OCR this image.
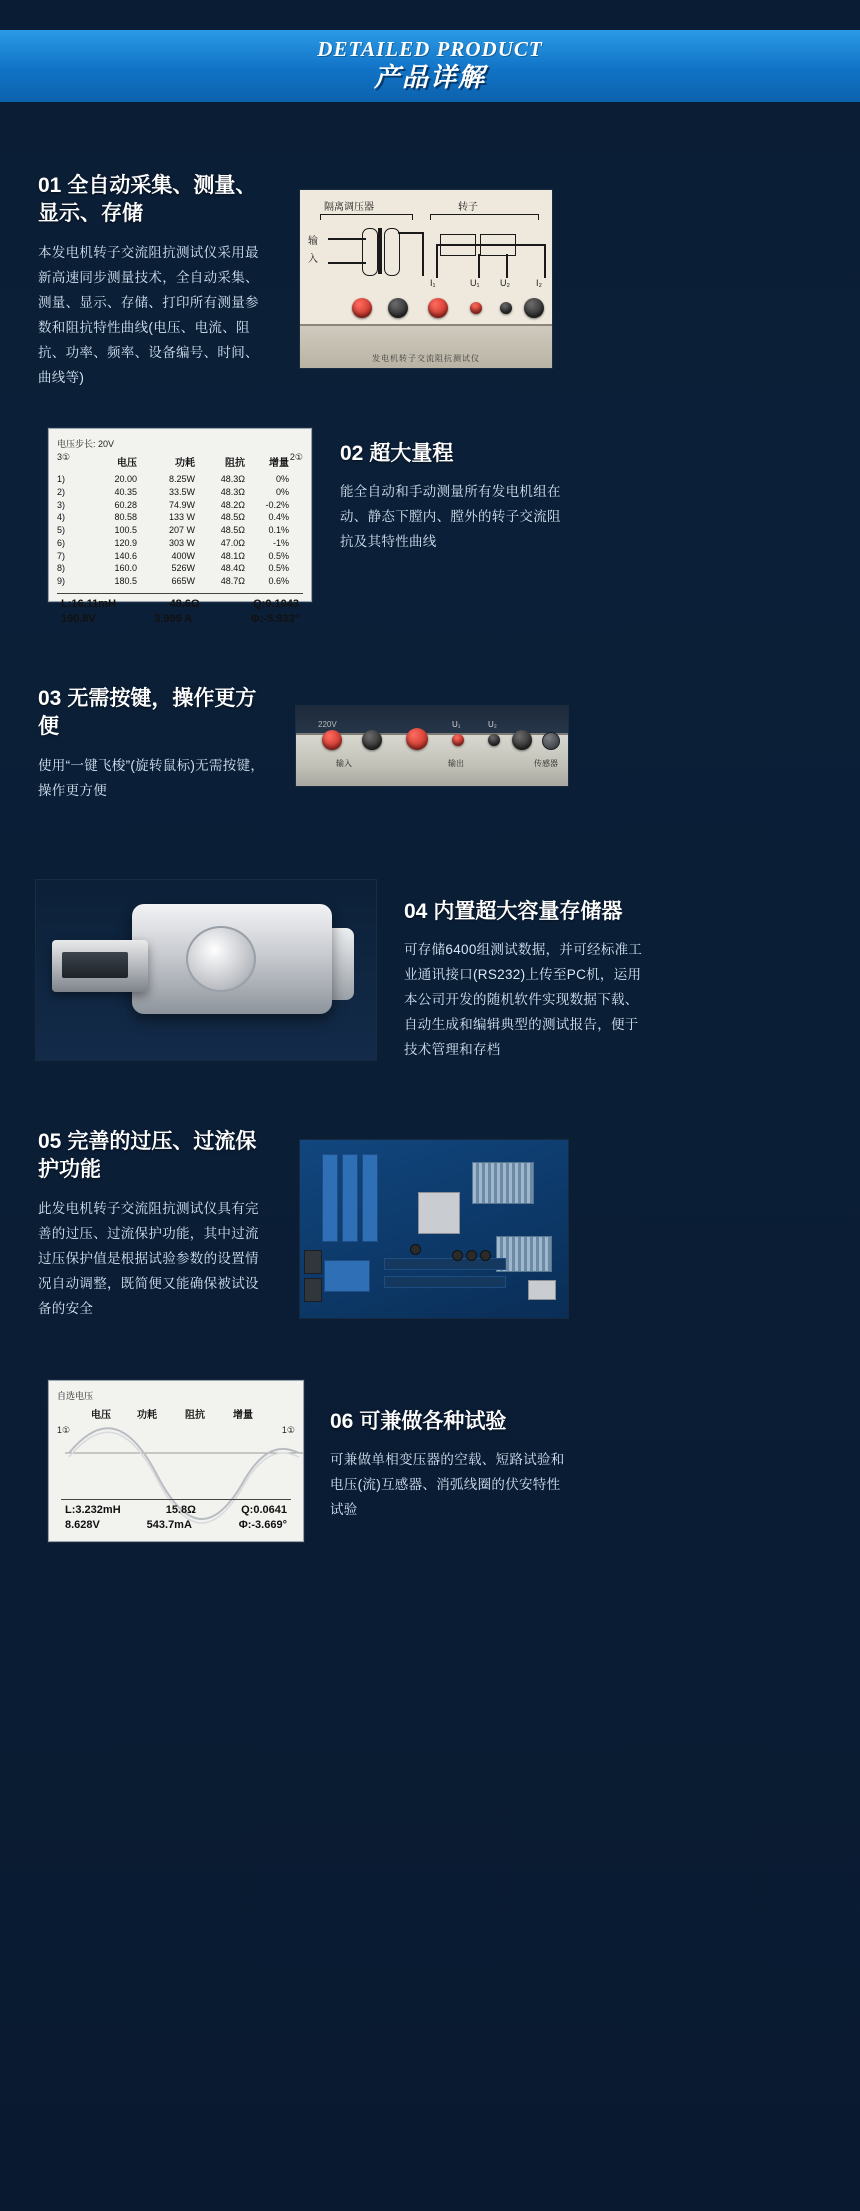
DETAILED PRODUCT
产品详解
01 全自动采集、测量、显示、存储

本发电机转子交流阻抗测试仪采用最新高速同步测量技术，全自动采集、测量、显示、存储、打印所有测量参数和阻抗特性曲线(电压、电流、阻抗、功率、频率、设备编号、时间、曲线等)

隔离调压器	转子
输
入
I₁	U₁ U₂	I₂
发电机转子交流阻抗测试仪
电压步长: 20V
3①	2①
电压	功耗	阻抗	增量
1)	20.00	8.25W	48.3Ω	0%
2)	40.35	33.5W	48.3Ω	0%
3)	60.28	74.9W	48.2Ω	-0.2%
4)	80.58	133 W	48.5Ω	0.4%
5)	100.5	207 W	48.5Ω	0.1%
6)	120.9	303 W	47.0Ω	-1%
7)	140.6	400W	48.1Ω	0.5%
8)	160.0	526W	48.4Ω	0.5%
9)	180.5	665W	48.7Ω	0.6%
L:16.11mH	48.6Ω	Q:0.1043
190.8V	3.999 A	Φ:-5.933°
02 超大量程

能全自动和手动测量所有发电机组在动、静态下膛内、膛外的转子交流阻抗及其特性曲线

03 无需按键，操作更方便

使用“一键飞梭”(旋转鼠标)无需按键，操作更方便

220V
输入
U₁	U₂
输出	传感器
04 内置超大容量存储器

可存储6400组测试数据，并可经标准工业通讯接口(RS232)上传至PC机，运用本公司开发的随机软件实现数据下载、自动生成和编辑典型的测试报告，便于技术管理和存档

05 完善的过压、过流保护功能

此发电机转子交流阻抗测试仪具有完善的过压、过流保护功能，其中过流过压保护值是根据试验参数的设置情况自动调整，既简便又能确保被试设备的安全

自选电压
电压	功耗	阻抗	增量
1①	1①
L:3.232mH	15.8Ω	Q:0.0641
8.628V	543.7mA	Φ:-3.669°
06 可兼做各种试验

可兼做单相变压器的空载、短路试验和电压(流)互感器、消弧线圈的伏安特性试验
